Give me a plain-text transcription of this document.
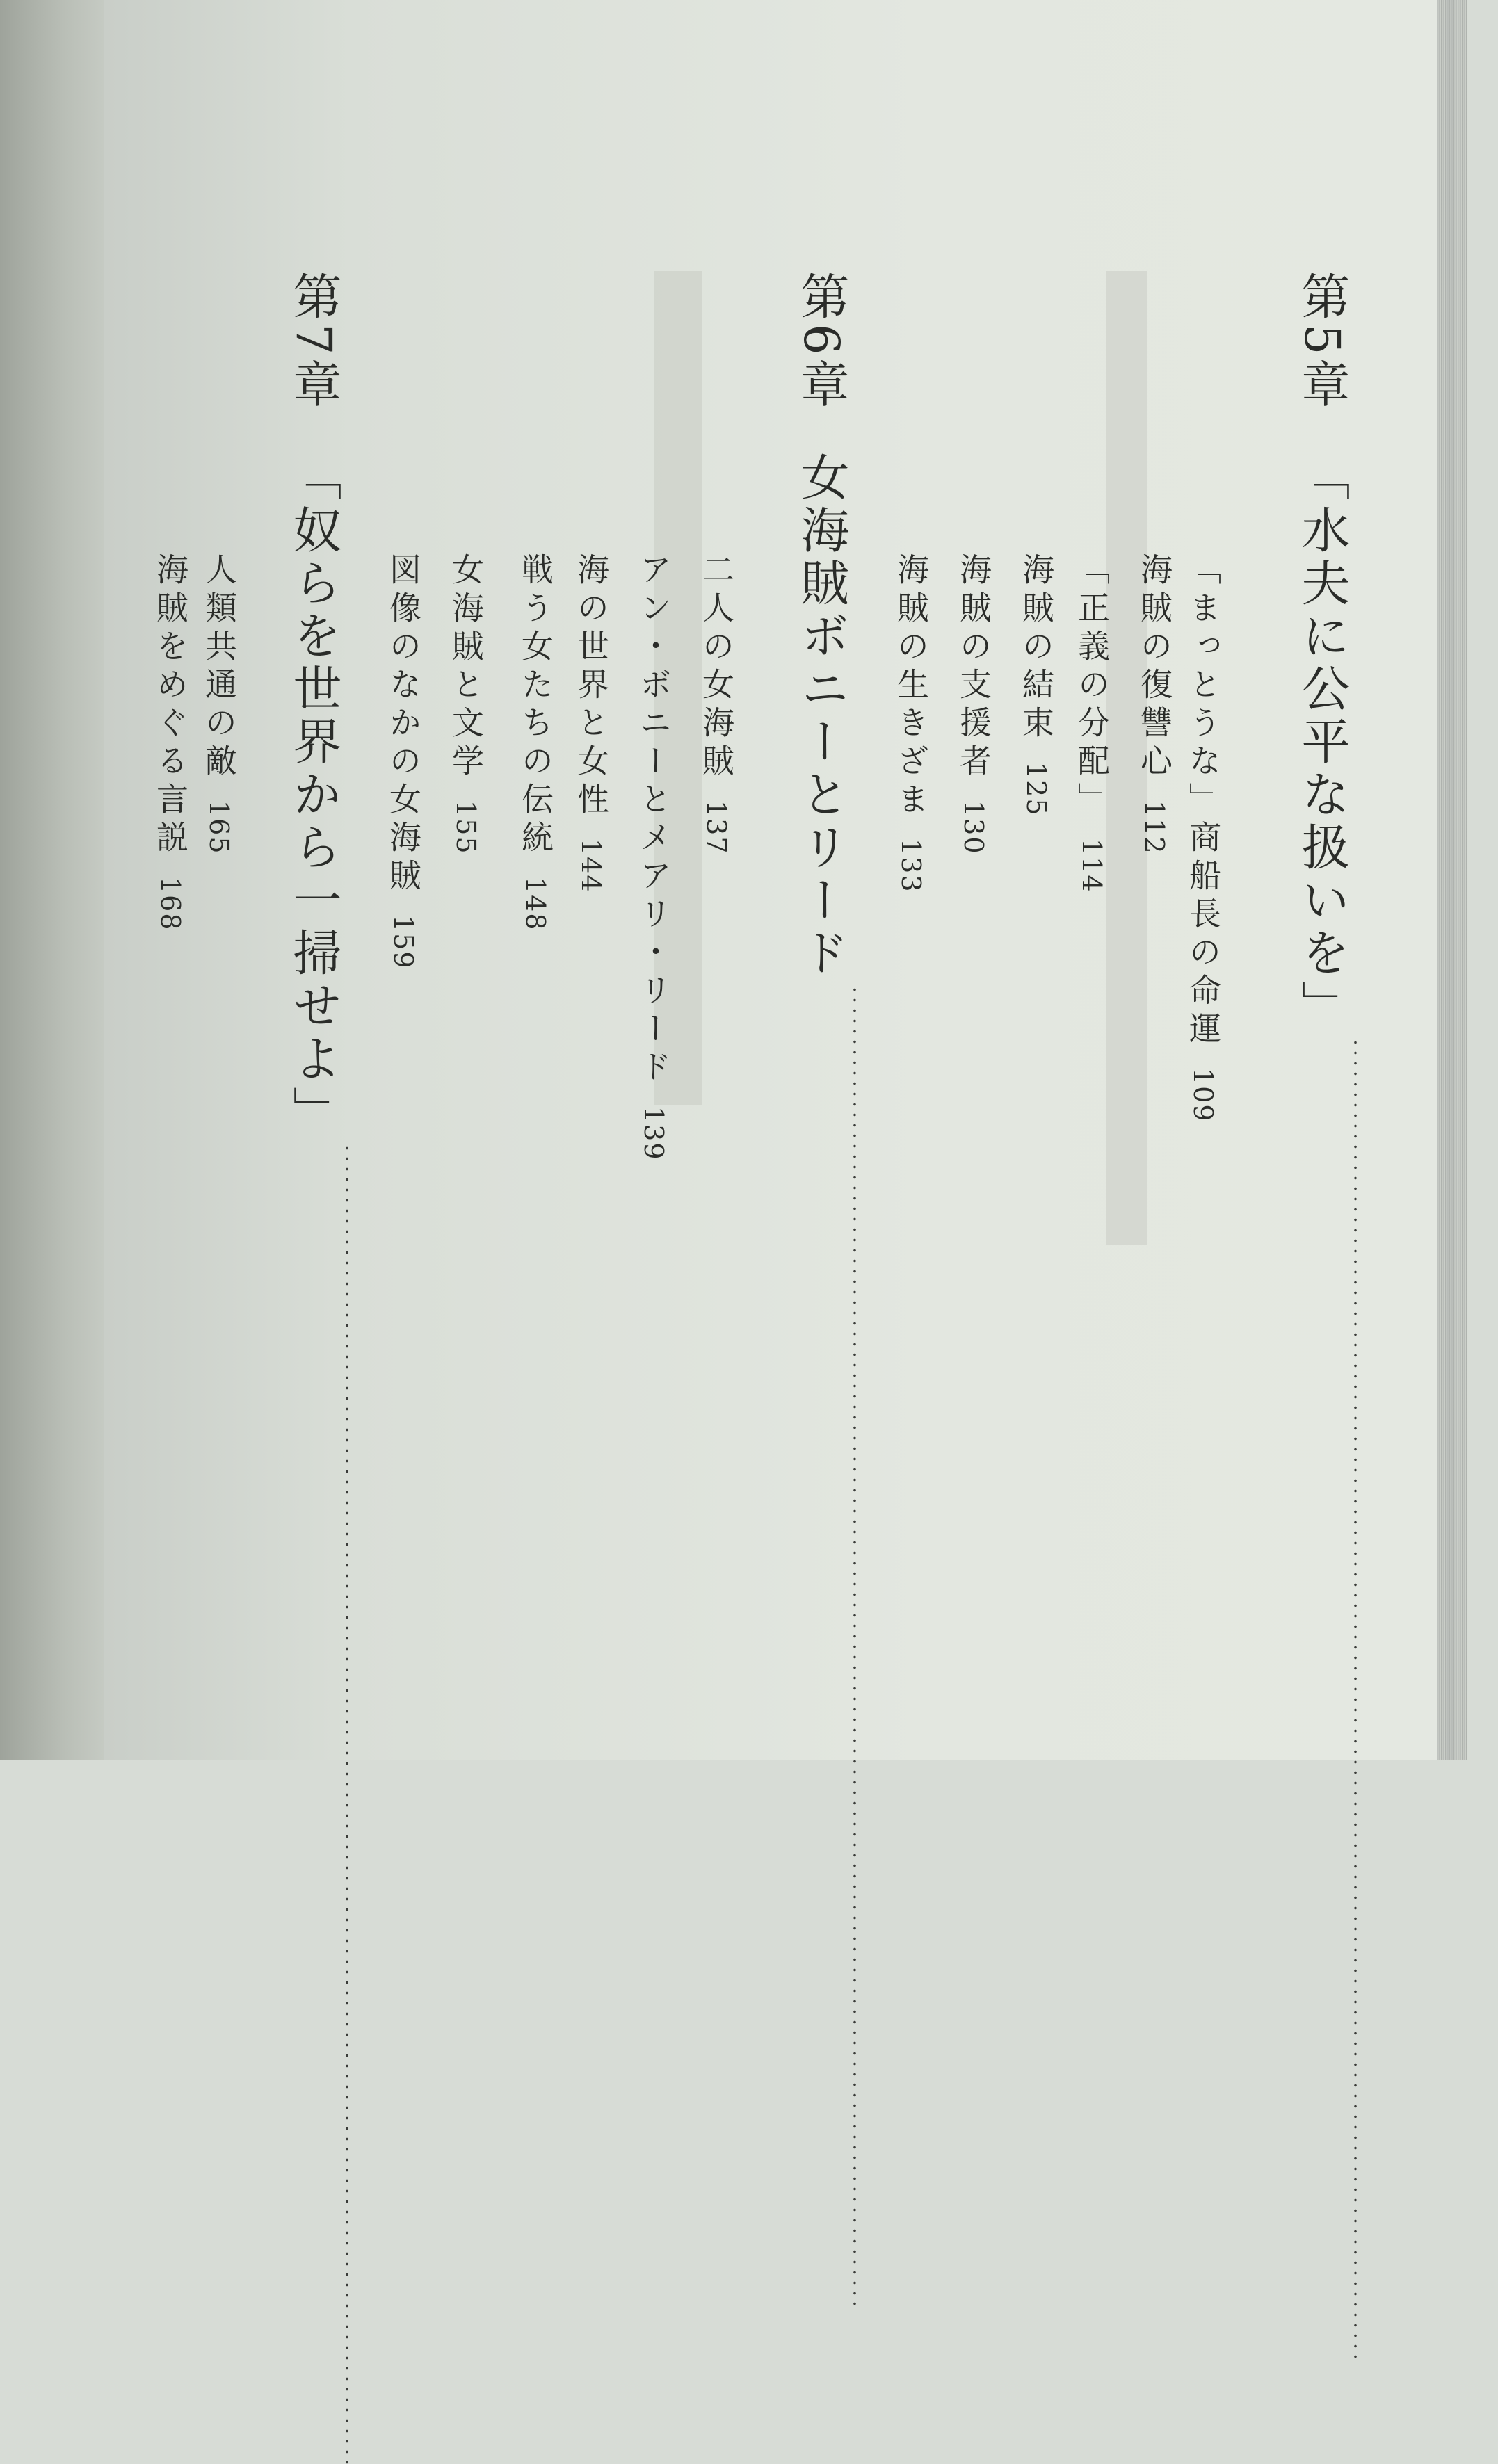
第5章
「水夫に公平な扱いを」
「まっとうな」商船長の命運109
海賊の復讐心112
「正義の分配」114
海賊の結束125
海賊の支援者130
海賊の生きざま133
第6章
女海賊ボニーとリード
二人の女海賊137
アン・ボニーとメアリ・リード139
海の世界と女性144
戦う女たちの伝統148
女海賊と文学155
図像のなかの女海賊159
第7章
「奴らを世界から一掃せよ」
人類共通の敵165
海賊をめぐる言説168
